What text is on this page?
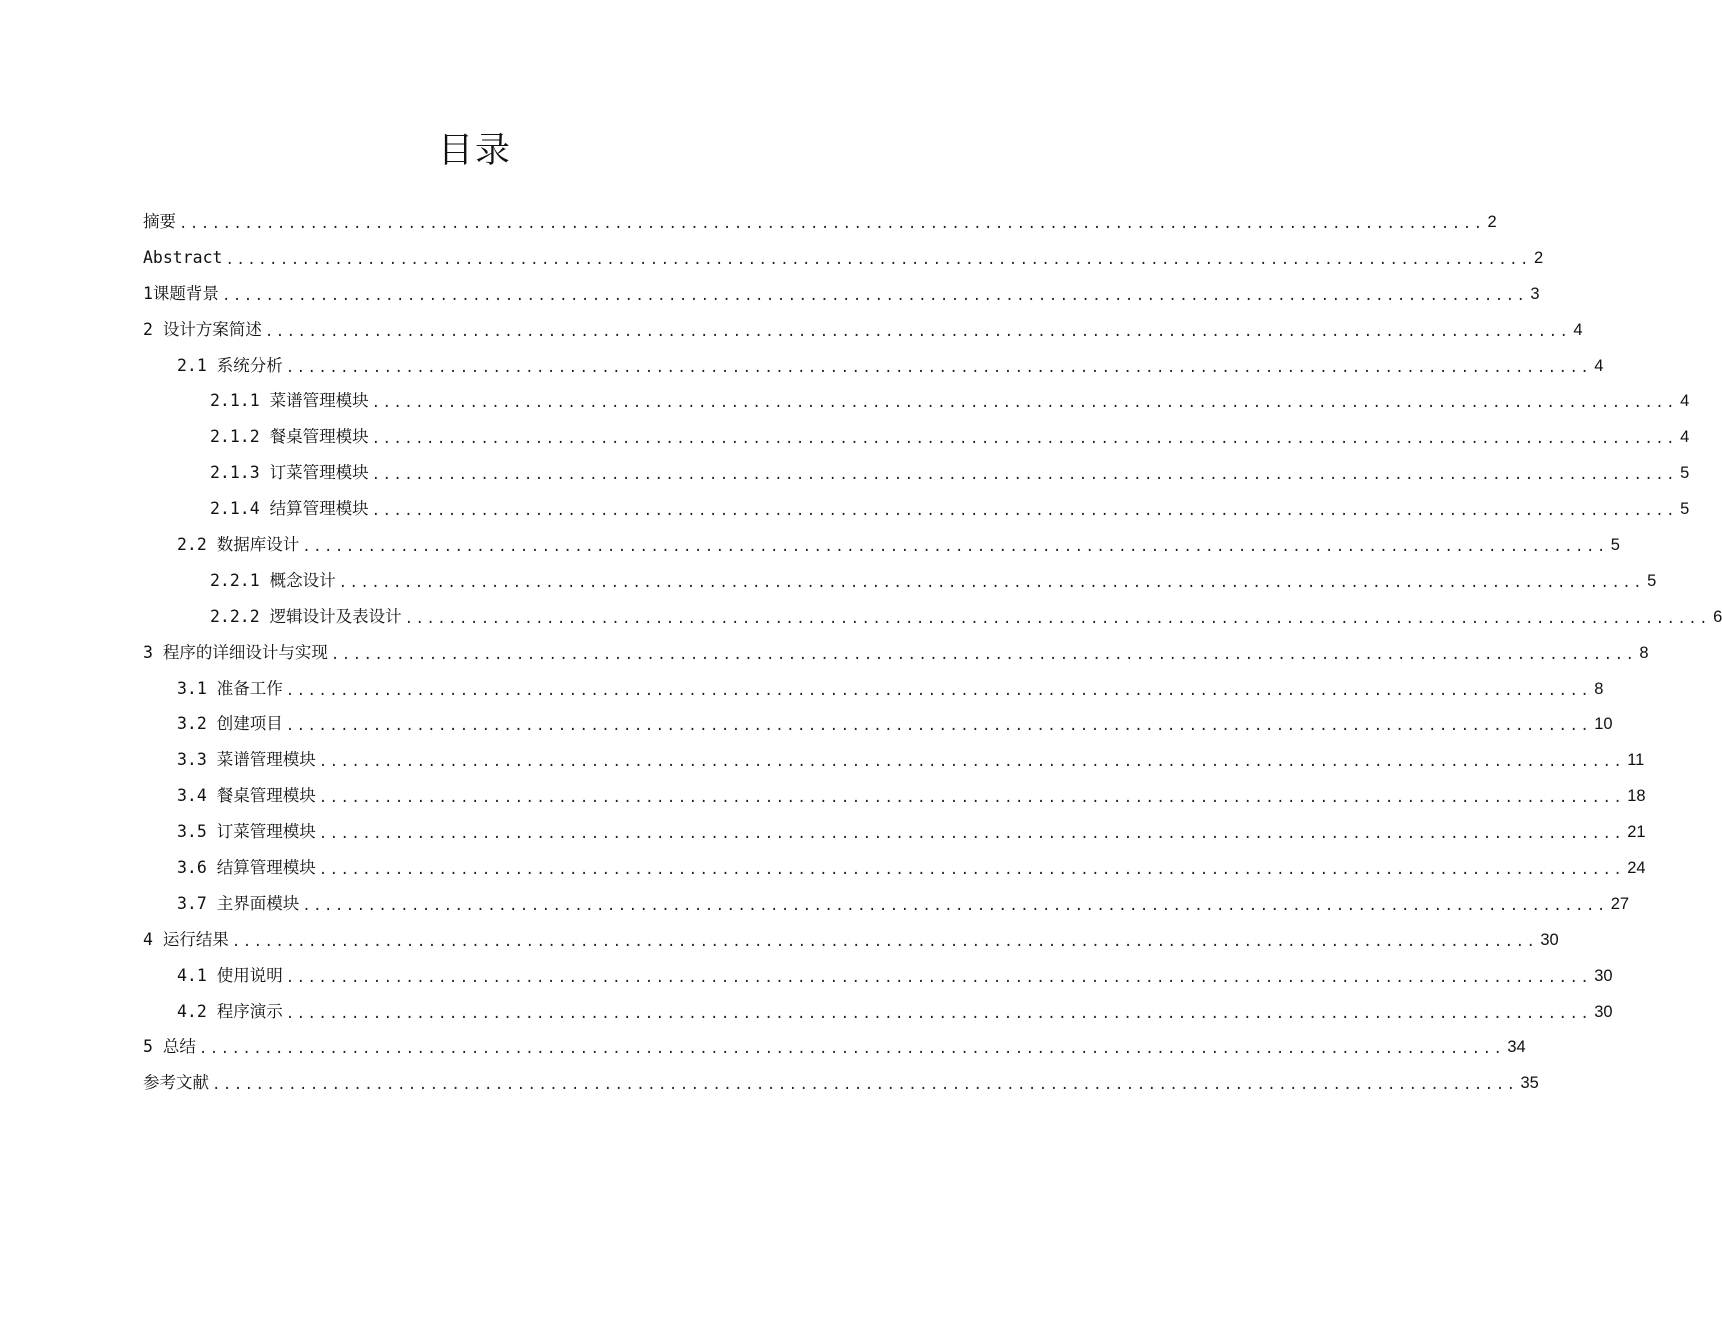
目录
摘要 ........................................................................................................................ 2
Abstract ........................................................................................................................ 2
1课题背景 ........................................................................................................................ 3
2 设计方案简述 ........................................................................................................................ 4
2.1 系统分析 ........................................................................................................................ 4
2.1.1 菜谱管理模块 ........................................................................................................................ 4
2.1.2 餐桌管理模块 ........................................................................................................................ 4
2.1.3 订菜管理模块 ........................................................................................................................ 5
2.1.4 结算管理模块 ........................................................................................................................ 5
2.2 数据库设计 ........................................................................................................................ 5
2.2.1 概念设计 ........................................................................................................................ 5
2.2.2 逻辑设计及表设计 ........................................................................................................................ 6
3 程序的详细设计与实现 ........................................................................................................................ 8
3.1 准备工作 ........................................................................................................................ 8
3.2 创建项目 ........................................................................................................................ 10
3.3 菜谱管理模块 ........................................................................................................................ 11
3.4 餐桌管理模块 ........................................................................................................................ 18
3.5 订菜管理模块 ........................................................................................................................ 21
3.6 结算管理模块 ........................................................................................................................ 24
3.7 主界面模块 ........................................................................................................................ 27
4 运行结果 ........................................................................................................................ 30
4.1 使用说明 ........................................................................................................................ 30
4.2 程序演示 ........................................................................................................................ 30
5 总结 ........................................................................................................................ 34
参考文献 ........................................................................................................................ 35
